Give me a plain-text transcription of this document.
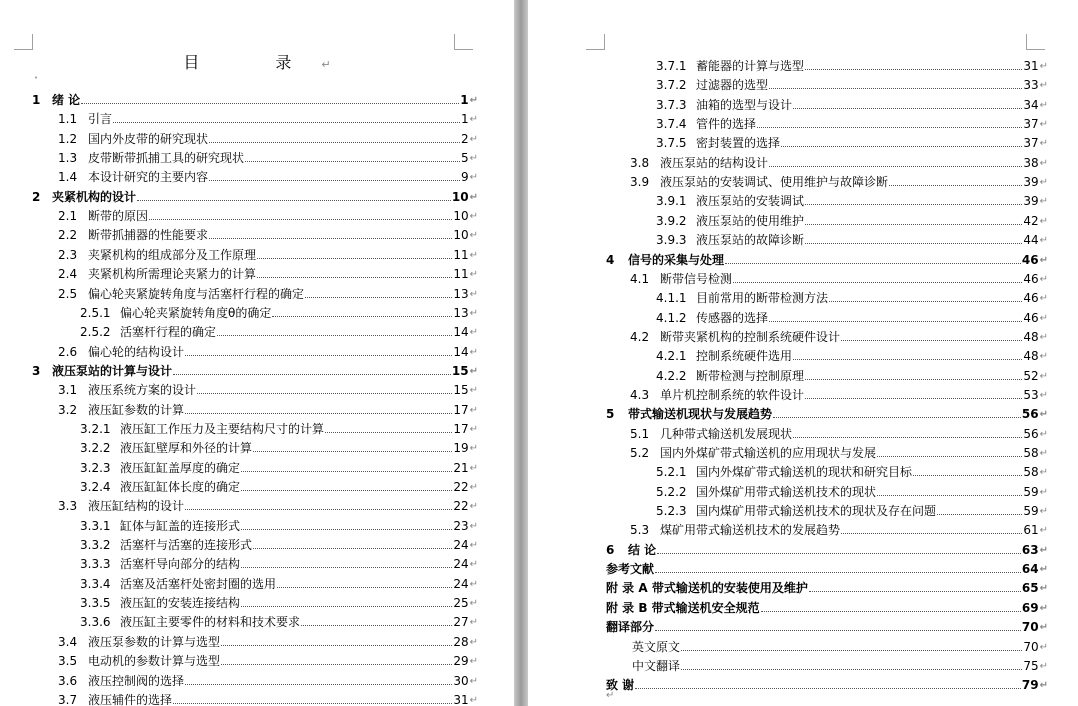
目　录↵
•
1 绪 论	1 ↵
1.1 引言	1 ↵
1.2 国内外皮带的研究现状	2 ↵
1.3 皮带断带抓捕工具的研究现状	5 ↵
1.4 本设计研究的主要内容	9 ↵
2 夹紧机构的设计	10 ↵
2.1 断带的原因	10 ↵
2.2 断带抓捕器的性能要求	10 ↵
2.3 夹紧机构的组成部分及工作原理	11 ↵
2.4 夹紧机构所需理论夹紧力的计算	11 ↵
2.5 偏心轮夹紧旋转角度与活塞杆行程的确定	13 ↵
2.5.1 偏心轮夹紧旋转角度θ的确定	13 ↵
2.5.2 活塞杆行程的确定	14 ↵
2.6 偏心轮的结构设计	14 ↵
3 液压泵站的计算与设计	15 ↵
3.1 液压系统方案的设计	15 ↵
3.2 液压缸参数的计算	17 ↵
3.2.1 液压缸工作压力及主要结构尺寸的计算	17 ↵
3.2.2 液压缸壁厚和外径的计算	19 ↵
3.2.3 液压缸缸盖厚度的确定	21 ↵
3.2.4 液压缸缸体长度的确定	22 ↵
3.3 液压缸结构的设计	22 ↵
3.3.1 缸体与缸盖的连接形式	23 ↵
3.3.2 活塞杆与活塞的连接形式	24 ↵
3.3.3 活塞杆导向部分的结构	24 ↵
3.3.4 活塞及活塞杆处密封圈的选用	24 ↵
3.3.5 液压缸的安装连接结构	25 ↵
3.3.6 液压缸主要零件的材料和技术要求	27 ↵
3.4 液压泵参数的计算与选型	28 ↵
3.5 电动机的参数计算与选型	29 ↵
3.6 液压控制阀的选择	30 ↵
3.7 液压辅件的选择	31 ↵
3.7.1 蓄能器的计算与选型	31 ↵
3.7.2 过滤器的选型	33 ↵
3.7.3 油箱的选型与设计	34 ↵
3.7.4 管件的选择	37 ↵
3.7.5 密封装置的选择	37 ↵
3.8 液压泵站的结构设计	38 ↵
3.9 液压泵站的安装调试、使用维护与故障诊断	39 ↵
3.9.1 液压泵站的安装调试	39 ↵
3.9.2 液压泵站的使用维护	42 ↵
3.9.3 液压泵站的故障诊断	44 ↵
4	信号的采集与处理	46 ↵
4.1 断带信号检测	46 ↵
4.1.1 目前常用的断带检测方法	46 ↵
4.1.2 传感器的选择	46 ↵
4.2 断带夹紧机构的控制系统硬件设计	48 ↵
4.2.1 控制系统硬件选用	48 ↵
4.2.2 断带检测与控制原理	52 ↵
4.3 单片机控制系统的软件设计	53 ↵
5	带式输送机现状与发展趋势	56 ↵
5.1 几种带式输送机发展现状	56 ↵
5.2 国内外煤矿带式输送机的应用现状与发展	58 ↵
5.2.1 国内外煤矿带式输送机的现状和研究目标	58 ↵
5.2.2 国外煤矿用带式输送机技术的现状	59 ↵
5.2.3 国内煤矿用带式输送机技术的现状及存在问题	59 ↵
5.3 煤矿用带式输送机技术的发展趋势	61 ↵
6	结 论	63 ↵
参考文献	64 ↵
附 录 A 带式输送机的安装使用及维护	65 ↵
附 录 B 带式输送机安全规范	69 ↵
翻译部分	70 ↵
英文原文	70 ↵
中文翻译	75 ↵
致 谢	79 ↵
↵
